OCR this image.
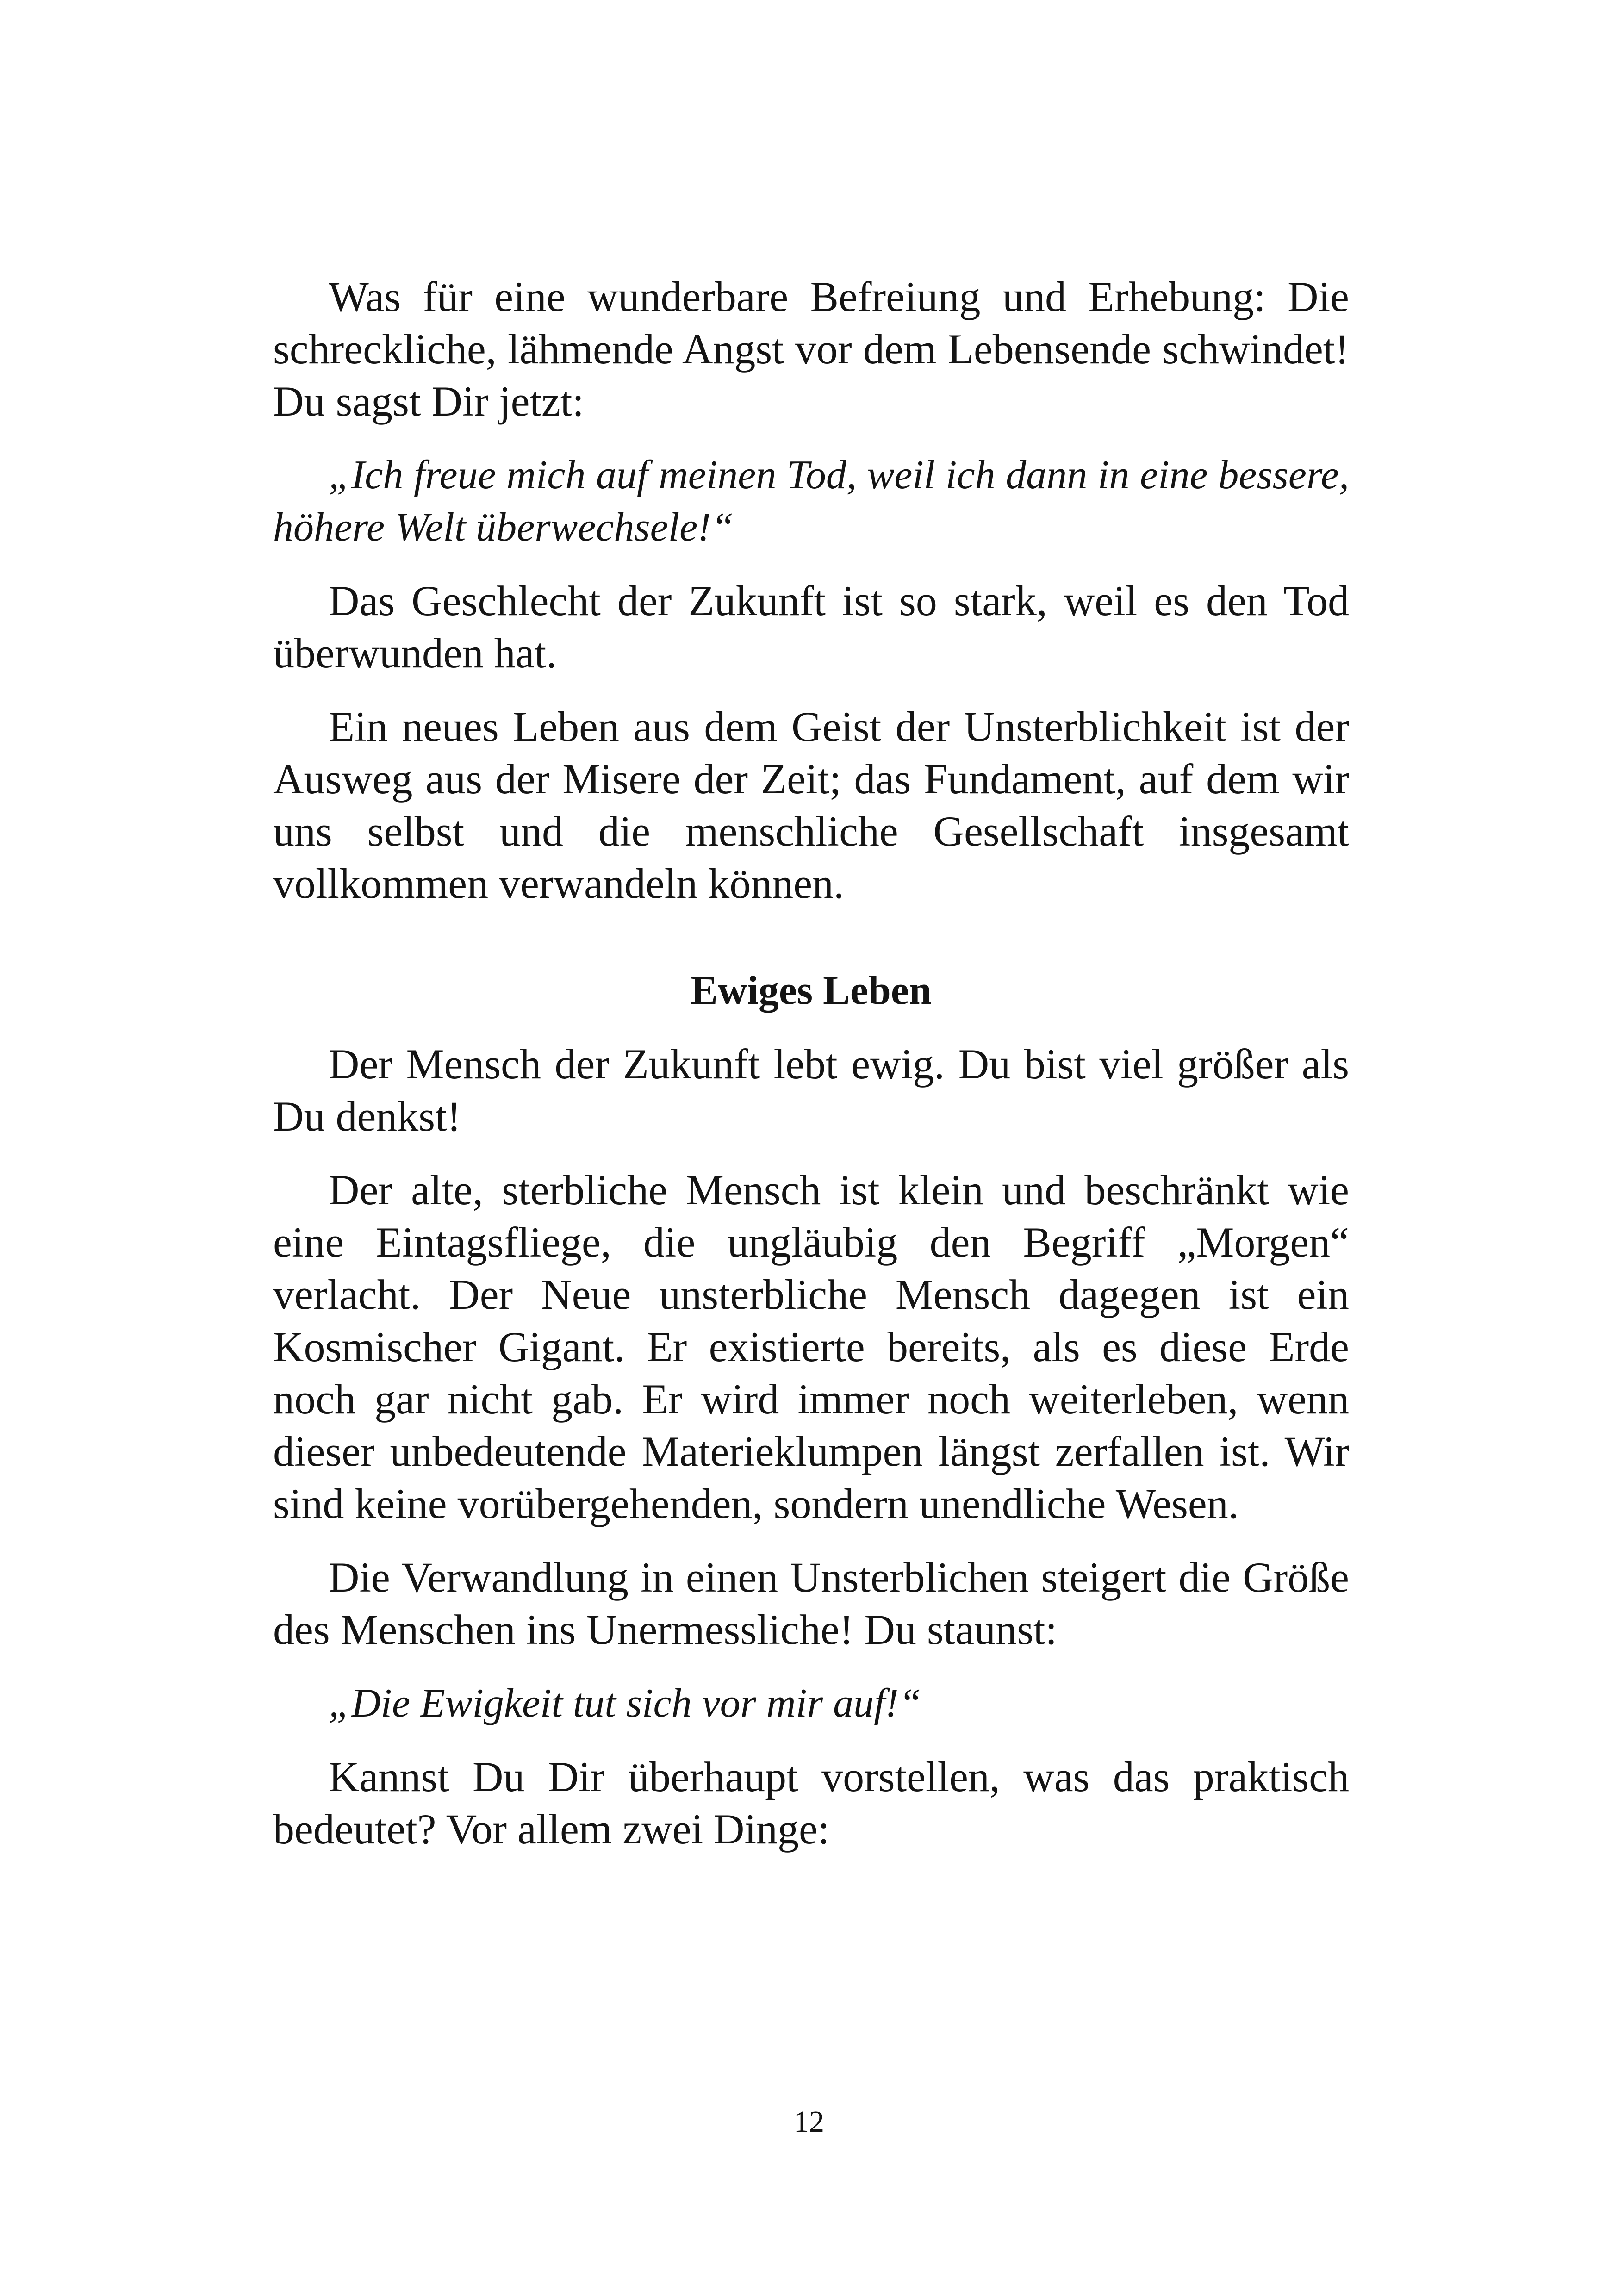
Was für eine wunderbare Befreiung und Erhebung: Die schreckliche, lähmende Angst vor dem Lebensende schwindet! Du sagst Dir jetzt:

„Ich freue mich auf meinen Tod, weil ich dann in eine bessere, höhere Welt überwechsele!“

Das Geschlecht der Zukunft ist so stark, weil es den Tod überwunden hat.

Ein neues Leben aus dem Geist der Unsterblichkeit ist der Ausweg aus der Misere der Zeit; das Fundament, auf dem wir uns selbst und die menschliche Gesellschaft insgesamt vollkommen verwandeln können.

Ewiges Leben

Der Mensch der Zukunft lebt ewig. Du bist viel größer als Du denkst!

Der alte, sterbliche Mensch ist klein und beschränkt wie eine Eintagsfliege, die ungläubig den Begriff „Morgen“ verlacht. Der Neue unsterbliche Mensch dagegen ist ein Kosmischer Gigant. Er existierte bereits, als es diese Erde noch gar nicht gab. Er wird immer noch weiterleben, wenn dieser unbedeutende Materieklumpen längst zerfallen ist. Wir sind keine vorübergehenden, sondern unendliche Wesen.

Die Verwandlung in einen Unsterblichen steigert die Größe des Menschen ins Unermessliche! Du staunst:

„Die Ewigkeit tut sich vor mir auf!“

Kannst Du Dir überhaupt vorstellen, was das praktisch bedeutet? Vor allem zwei Dinge:

12
